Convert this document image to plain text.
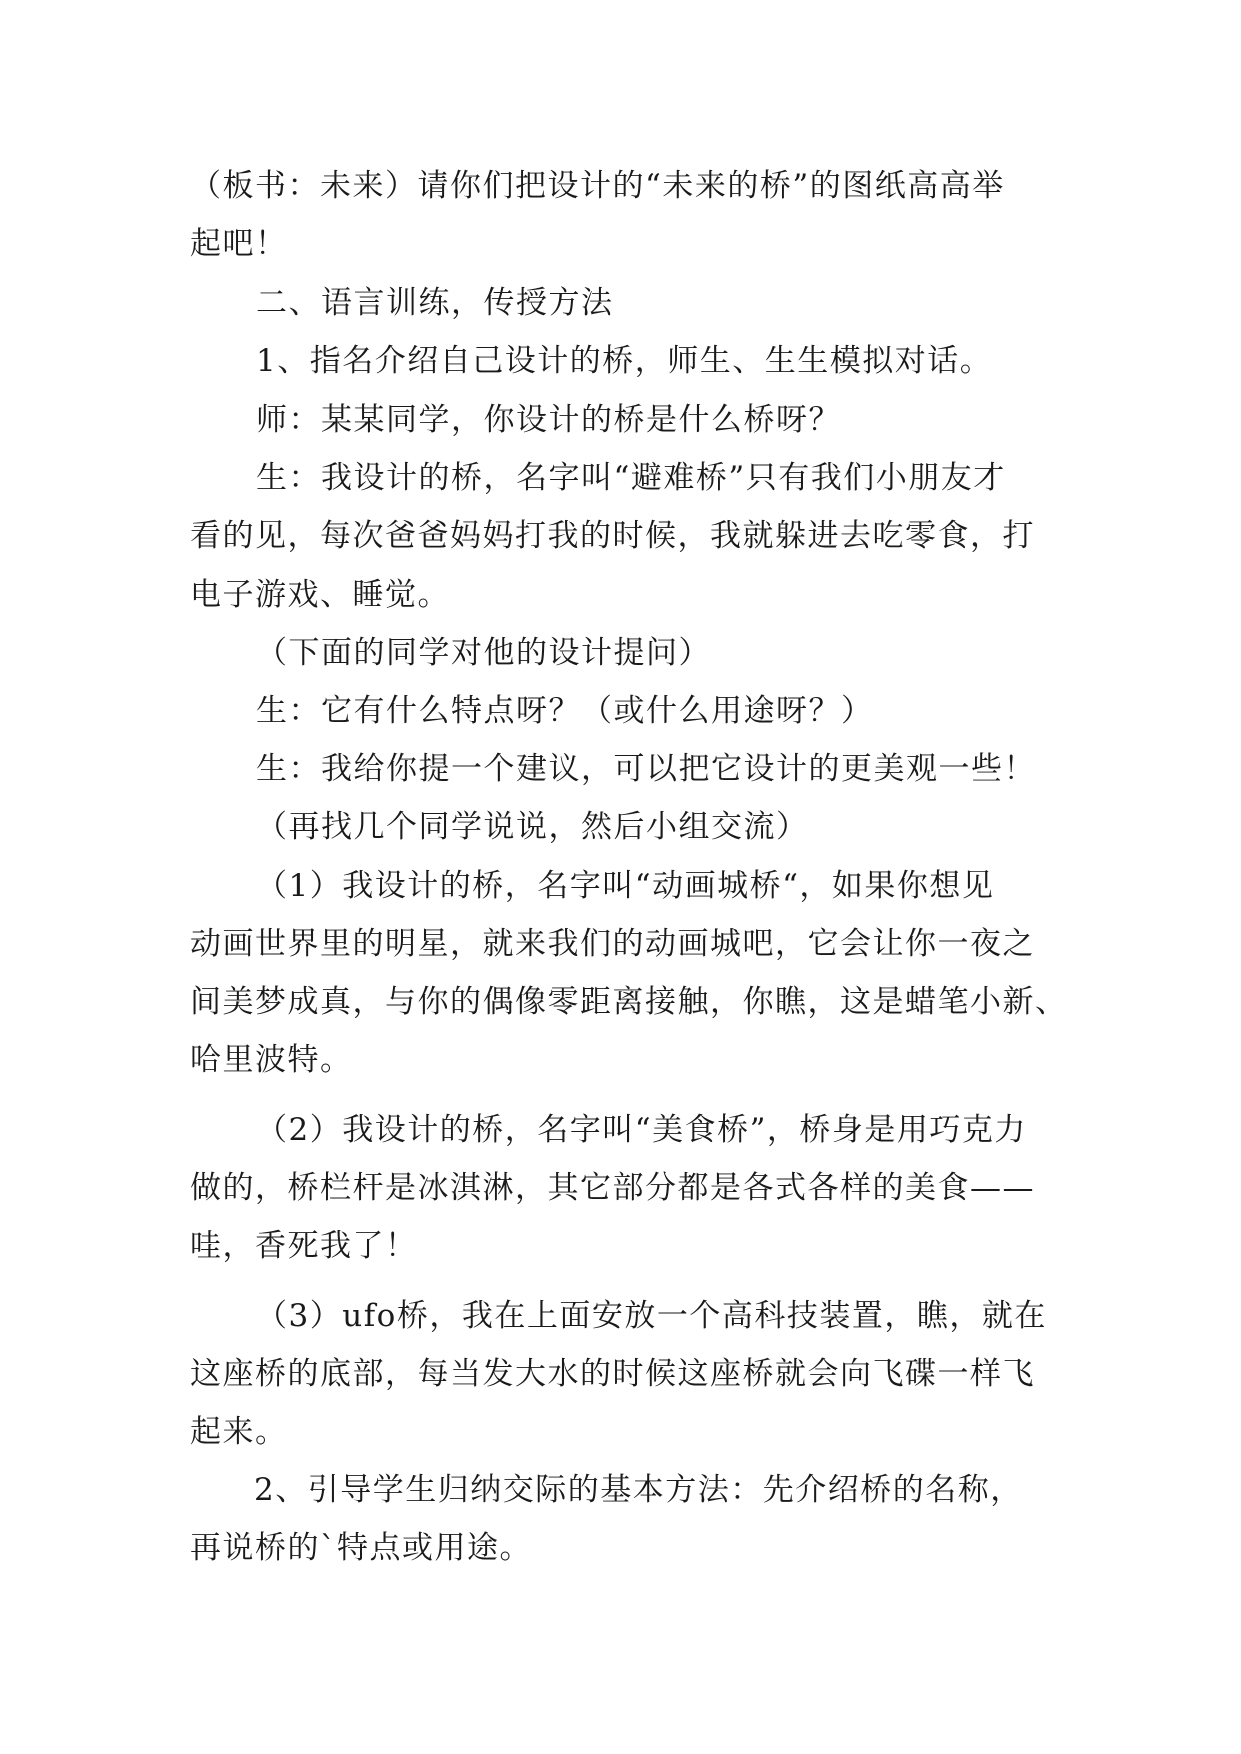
（板书：未来）请你们把设计的“未来的桥”的图纸高高举
起吧！
二、语言训练，传授方法
1、指名介绍自己设计的桥，师生、生生模拟对话。
师：某某同学，你设计的桥是什么桥呀？
生：我设计的桥，名字叫“避难桥”只有我们小朋友才
看的见，每次爸爸妈妈打我的时候，我就躲进去吃零食，打
电子游戏、睡觉。
（下面的同学对他的设计提问）
生：它有什么特点呀？（或什么用途呀？）
生：我给你提一个建议，可以把它设计的更美观一些！
（再找几个同学说说，然后小组交流）
（1）我设计的桥，名字叫“动画城桥“，如果你想见
动画世界里的明星，就来我们的动画城吧，它会让你一夜之
间美梦成真，与你的偶像零距离接触，你瞧，这是蜡笔小新、
哈里波特。
（2）我设计的桥，名字叫“美食桥”，桥身是用巧克力
做的，桥栏杆是冰淇淋，其它部分都是各式各样的美食——
哇，香死我了！
（3）ufo桥，我在上面安放一个高科技装置，瞧，就在
这座桥的底部，每当发大水的时候这座桥就会向飞碟一样飞
起来。
2、引导学生归纳交际的基本方法：先介绍桥的名称，
再说桥的`特点或用途。
